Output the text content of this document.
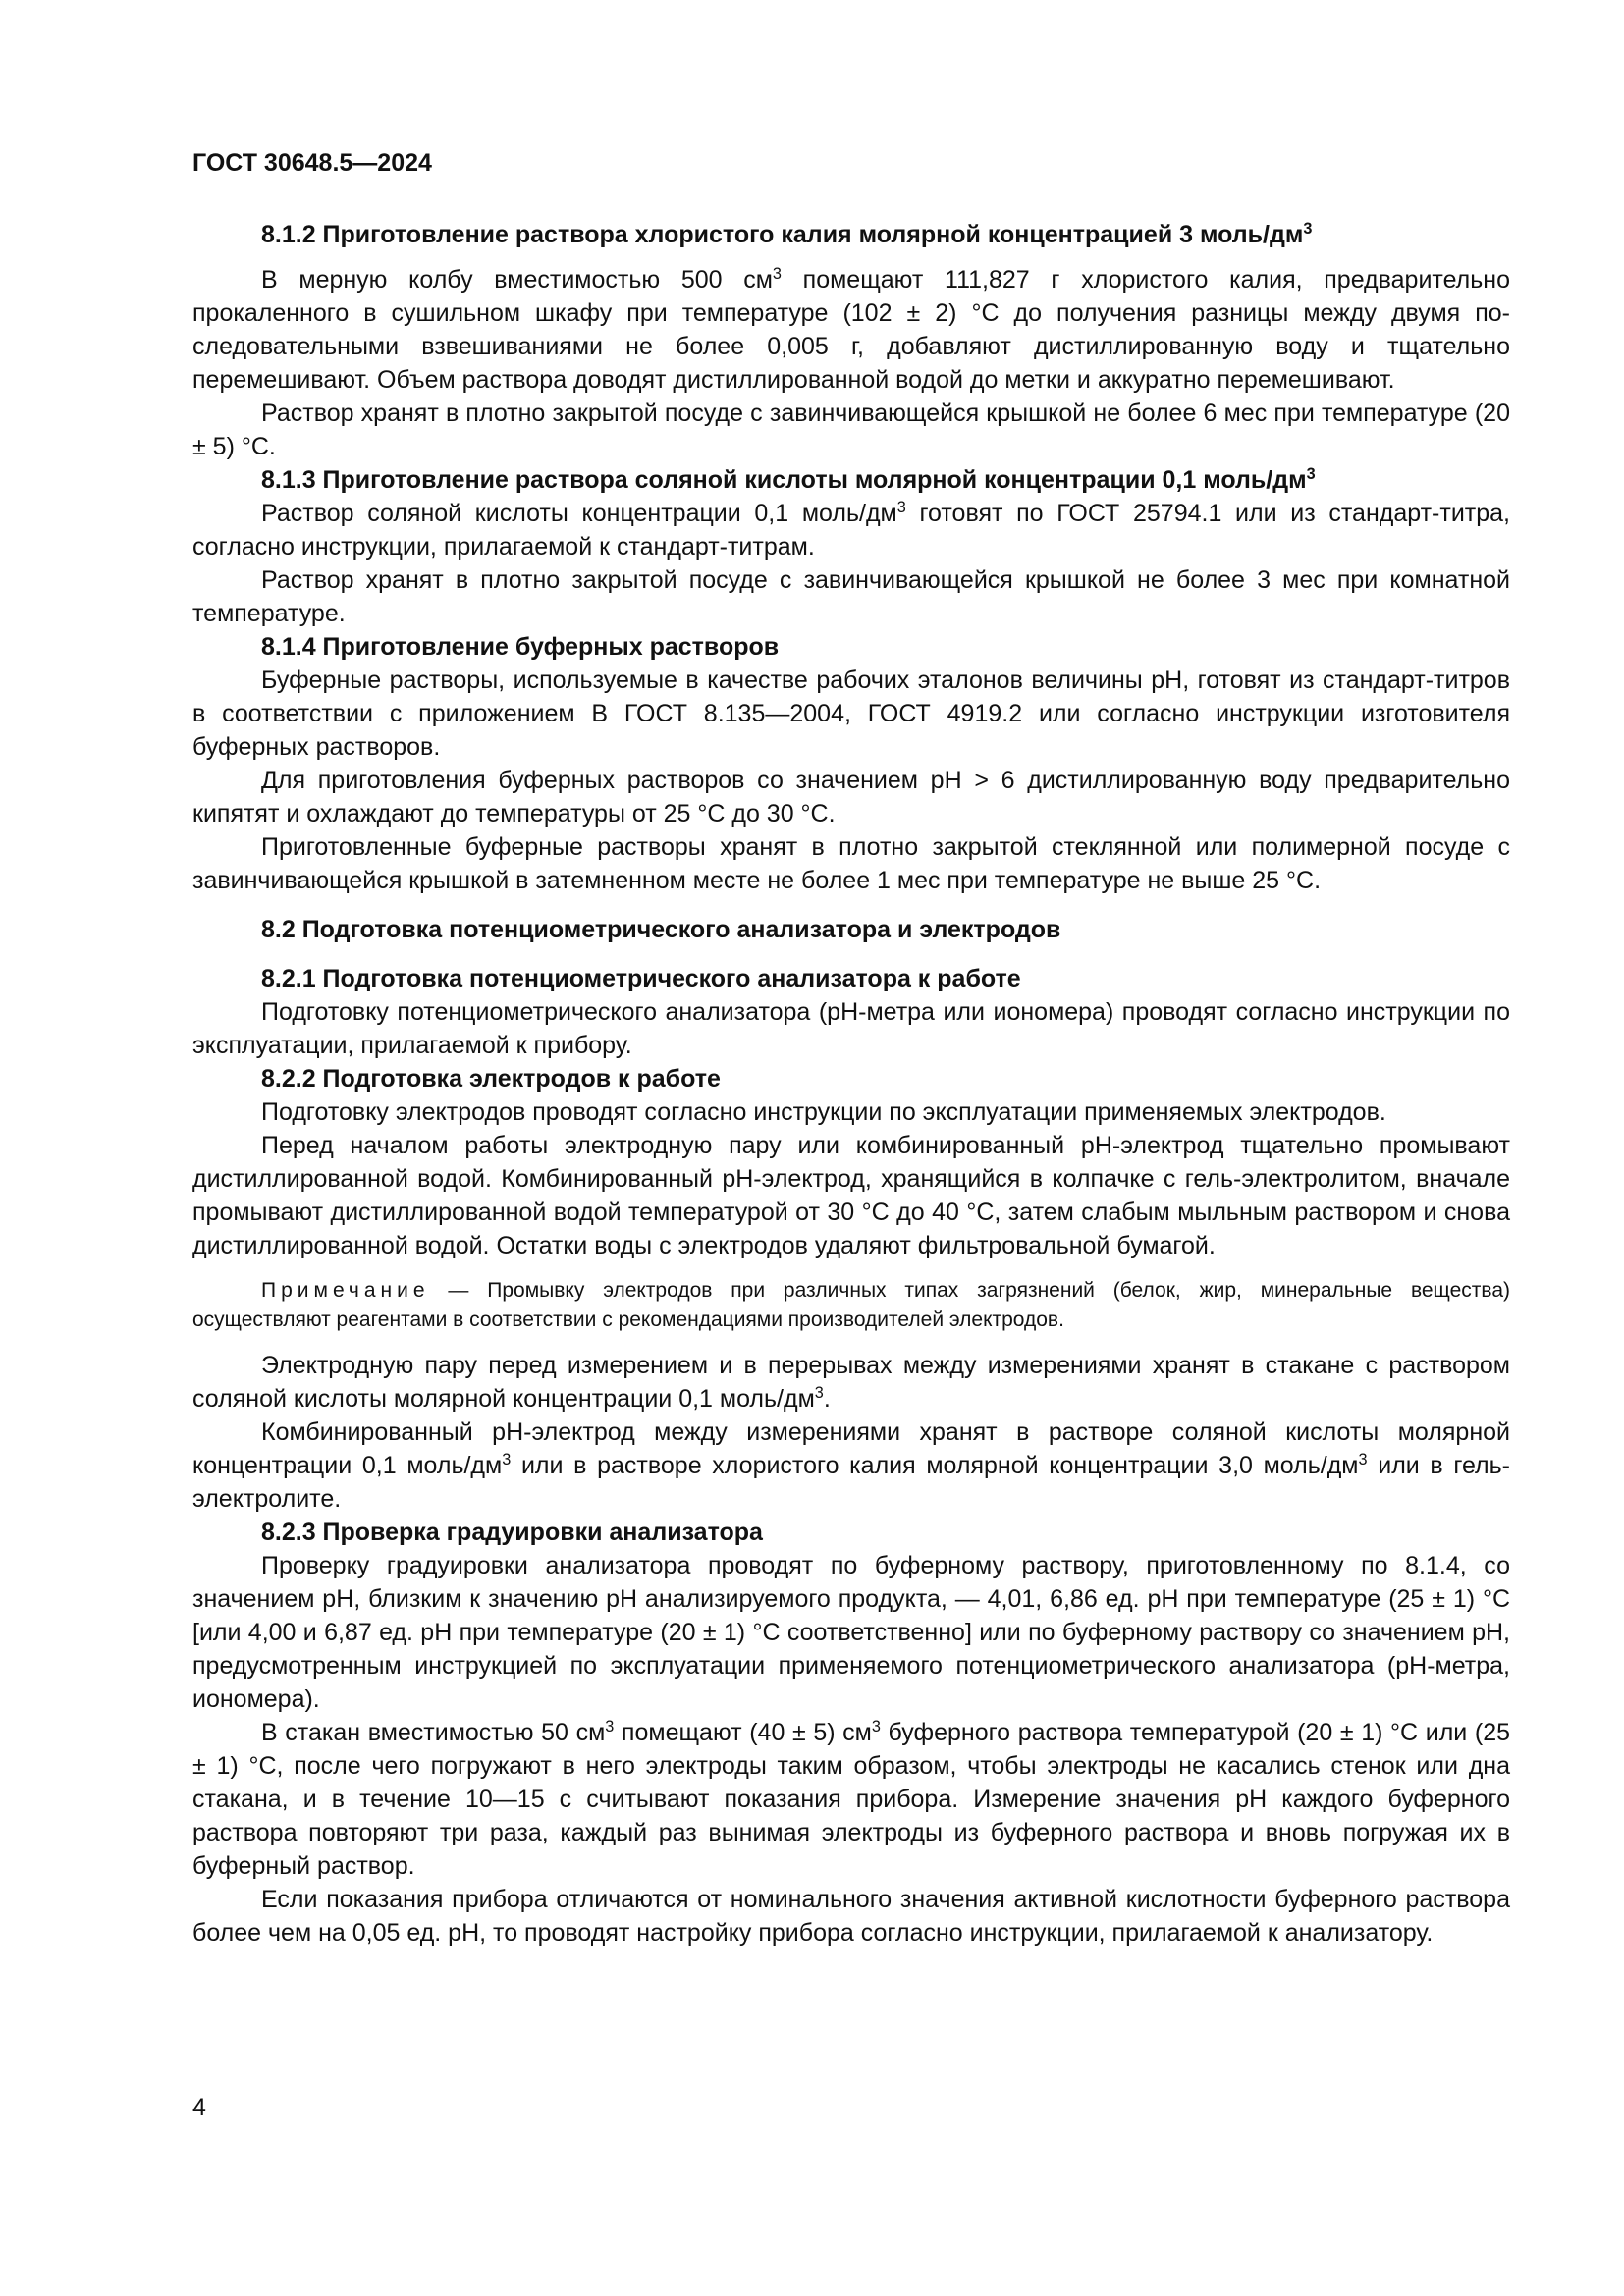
ГОСТ 30648.5—2024

8.1.2 Приготовление раствора хлористого калия молярной концентрацией 3 моль/$дм^3$

В мерную колбу вместимостью 500 $см^3$ помещают 111,827 г хлористого калия, предварительно прокаленного в сушильном шкафу при температуре (102 ± 2) °С до получения разницы между двумя последовательными взвешиваниями не более 0,005 г, добавляют дистиллированную воду и тщательно перемешивают. Объем раствора доводят дистиллированной водой до метки и аккуратно перемешивают.

Раствор хранят в плотно закрытой посуде с завинчивающейся крышкой не более 6 мес при температуре (20 ± 5) °С.

8.1.3 Приготовление раствора соляной кислоты молярной концентрации 0,1 моль/$дм^3$

Раствор соляной кислоты концентрации 0,1 моль/$дм^3$ готовят по ГОСТ 25794.1 или из стандарт-титра, согласно инструкции, прилагаемой к стандарт-титрам.

Раствор хранят в плотно закрытой посуде с завинчивающейся крышкой не более 3 мес при комнатной температуре.

8.1.4 Приготовление буферных растворов

Буферные растворы, используемые в качестве рабочих эталонов величины рН, готовят из стандарт-титров в соответствии с приложением В ГОСТ 8.135—2004, ГОСТ 4919.2 или согласно инструкции изготовителя буферных растворов.

Для приготовления буферных растворов со значением рН > 6 дистиллированную воду предварительно кипятят и охлаждают до температуры от 25 °С до 30 °С.

Приготовленные буферные растворы хранят в плотно закрытой стеклянной или полимерной посуде с завинчивающейся крышкой в затемненном месте не более 1 мес при температуре не выше 25 °С.

8.2 Подготовка потенциометрического анализатора и электродов

8.2.1 Подготовка потенциометрического анализатора к работе

Подготовку потенциометрического анализатора (рН-метра или иономера) проводят согласно инструкции по эксплуатации, прилагаемой к прибору.

8.2.2 Подготовка электродов к работе

Подготовку электродов проводят согласно инструкции по эксплуатации применяемых электродов.

Перед началом работы электродную пару или комбинированный рН-электрод тщательно промывают дистиллированной водой. Комбинированный рН-электрод, хранящийся в колпачке с гель-электролитом, вначале промывают дистиллированной водой температурой от 30 °С до 40 °С, затем слабым мыльным раствором и снова дистиллированной водой. Остатки воды с электродов удаляют фильтровальной бумагой.

Примечание — Промывку электродов при различных типах загрязнений (белок, жир, минеральные вещества) осуществляют реагентами в соответствии с рекомендациями производителей электродов.

Электродную пару перед измерением и в перерывах между измерениями хранят в стакане с раствором соляной кислоты молярной концентрации 0,1 моль/$дм^3$.

Комбинированный рН-электрод между измерениями хранят в растворе соляной кислоты молярной концентрации 0,1 моль/$дм^3$ или в растворе хлористого калия молярной концентрации 3,0 моль/$дм^3$ или в гель-электролите.

8.2.3 Проверка градуировки анализатора

Проверку градуировки анализатора проводят по буферному раствору, приготовленному по 8.1.4, со значением рН, близким к значению рН анализируемого продукта, — 4,01, 6,86 ед. рН при температуре (25 ± 1) °С [или 4,00 и 6,87 ед. рН при температуре (20 ± 1) °С соответственно] или по буферному раствору со значением рН, предусмотренным инструкцией по эксплуатации применяемого потенциометрического анализатора (рН-метра, иономера).

В стакан вместимостью 50 $см^3$ помещают (40 ± 5) $см^3$ буферного раствора температурой (20 ± 1) °С или (25 ± 1) °С, после чего погружают в него электроды таким образом, чтобы электроды не касались стенок или дна стакана, и в течение 10—15 с считывают показания прибора. Измерение значения рН каждого буферного раствора повторяют три раза, каждый раз вынимая электроды из буферного раствора и вновь погружая их в буферный раствор.

Если показания прибора отличаются от номинального значения активной кислотности буферного раствора более чем на 0,05 ед. рН, то проводят настройку прибора согласно инструкции, прилагаемой к анализатору.

4
